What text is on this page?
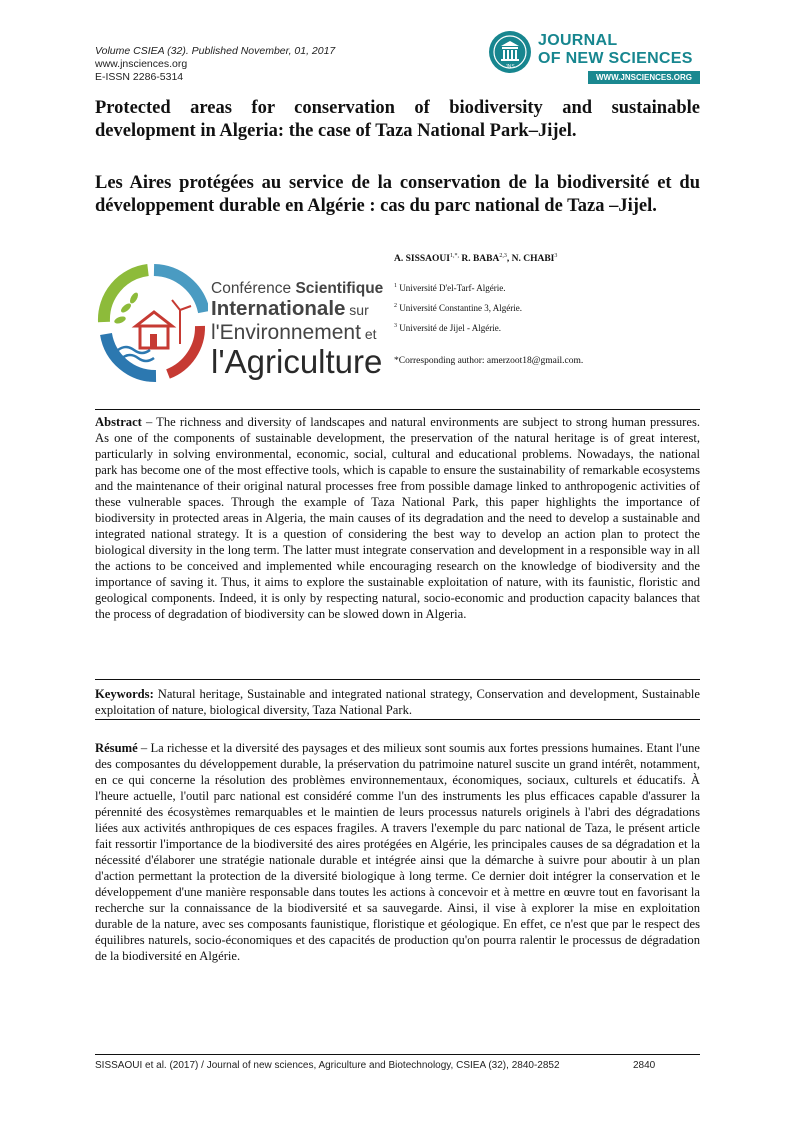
Volume CSIEA (32). Published November, 01, 2017
www.jnsciences.org
E-ISSN 2286-5314
JNS
JOURNAL
OF NEW SCIENCES
WWW.JNSCIENCES.ORG
Protected areas for conservation of biodiversity and sustainable development in Algeria: the case of Taza National Park–Jijel.
Les Aires protégées au service de la conservation de la biodiversité et du développement durable en Algérie : cas du parc national de Taza –Jijel.
Conférence Scientifique
Internationale sur
l'Environnement et
l'Agriculture
A. $SISSAOUI^{1,*,}$ R. BABA$^{2,3}$, N. CHABI$^3$
$^1$ Université D'el-Tarf- Algérie.
$^2$ Université Constantine 3, Algérie.
$^3$ Université de Jijel - Algérie.
*Corresponding author: amerzoot18@gmail.com.
Abstract – The richness and diversity of landscapes and natural environments are subject to strong human pressures. As one of the components of sustainable development, the preservation of the natural heritage is of great interest, particularly in solving environmental, economic, social, cultural and educational problems. Nowadays, the national park has become one of the most effective tools, which is capable to ensure the sustainability of remarkable ecosystems and the maintenance of their original natural processes free from possible damage linked to anthropogenic activities of these vulnerable spaces. Through the example of Taza National Park, this paper highlights the importance of biodiversity in protected areas in Algeria, the main causes of its degradation and the need to develop a sustainable and integrated national strategy. It is a question of considering the best way to develop an action plan to protect the biological diversity in the long term. The latter must integrate conservation and development in a responsible way in all the actions to be conceived and implemented while encouraging research on the knowledge of biodiversity and the importance of saving it. Thus, it aims to explore the sustainable exploitation of nature, with its faunistic, floristic and geological components. Indeed, it is only by respecting natural, socio-economic and production capacity balances that the process of degradation of biodiversity can be slowed down in Algeria.
Keywords: Natural heritage, Sustainable and integrated national strategy, Conservation and development, Sustainable exploitation of nature, biological diversity, Taza National Park.
Résumé – La richesse et la diversité des paysages et des milieux sont soumis aux fortes pressions humaines. Etant l'une des composantes du développement durable, la préservation du patrimoine naturel suscite un grand intérêt, notamment, en ce qui concerne la résolution des problèmes environnementaux, économiques, sociaux, culturels et éducatifs. À l'heure actuelle, l'outil parc national est considéré comme l'un des instruments les plus efficaces capable d'assurer la pérennité des écosystèmes remarquables et le maintien de leurs processus naturels originels à l'abri des dégradations liées aux activités anthropiques de ces espaces fragiles. A travers l'exemple du parc national de Taza, le présent article fait ressortir l'importance de la biodiversité des aires protégées en Algérie, les principales causes de sa dégradation et la nécessité d'élaborer une stratégie nationale durable et intégrée ainsi que la démarche à suivre pour aboutir à un plan d'action permettant la protection de la diversité biologique à long terme. Ce dernier doit intégrer la conservation et le développement d'une manière responsable dans toutes les actions à concevoir et à mettre en œuvre tout en favorisant la recherche sur la connaissance de la biodiversité et sa sauvegarde. Ainsi, il vise à explorer la mise en exploitation durable de la nature, avec ses composants faunistique, floristique et géologique. En effet, ce n'est que par le respect des équilibres naturels, socio-économiques et des capacités de production qu'on pourra ralentir le processus de dégradation de la biodiversité en Algérie.
SISSAOUI et al. (2017) / Journal of new sciences, Agriculture and Biotechnology, CSIEA (32), 2840-2852	2840
